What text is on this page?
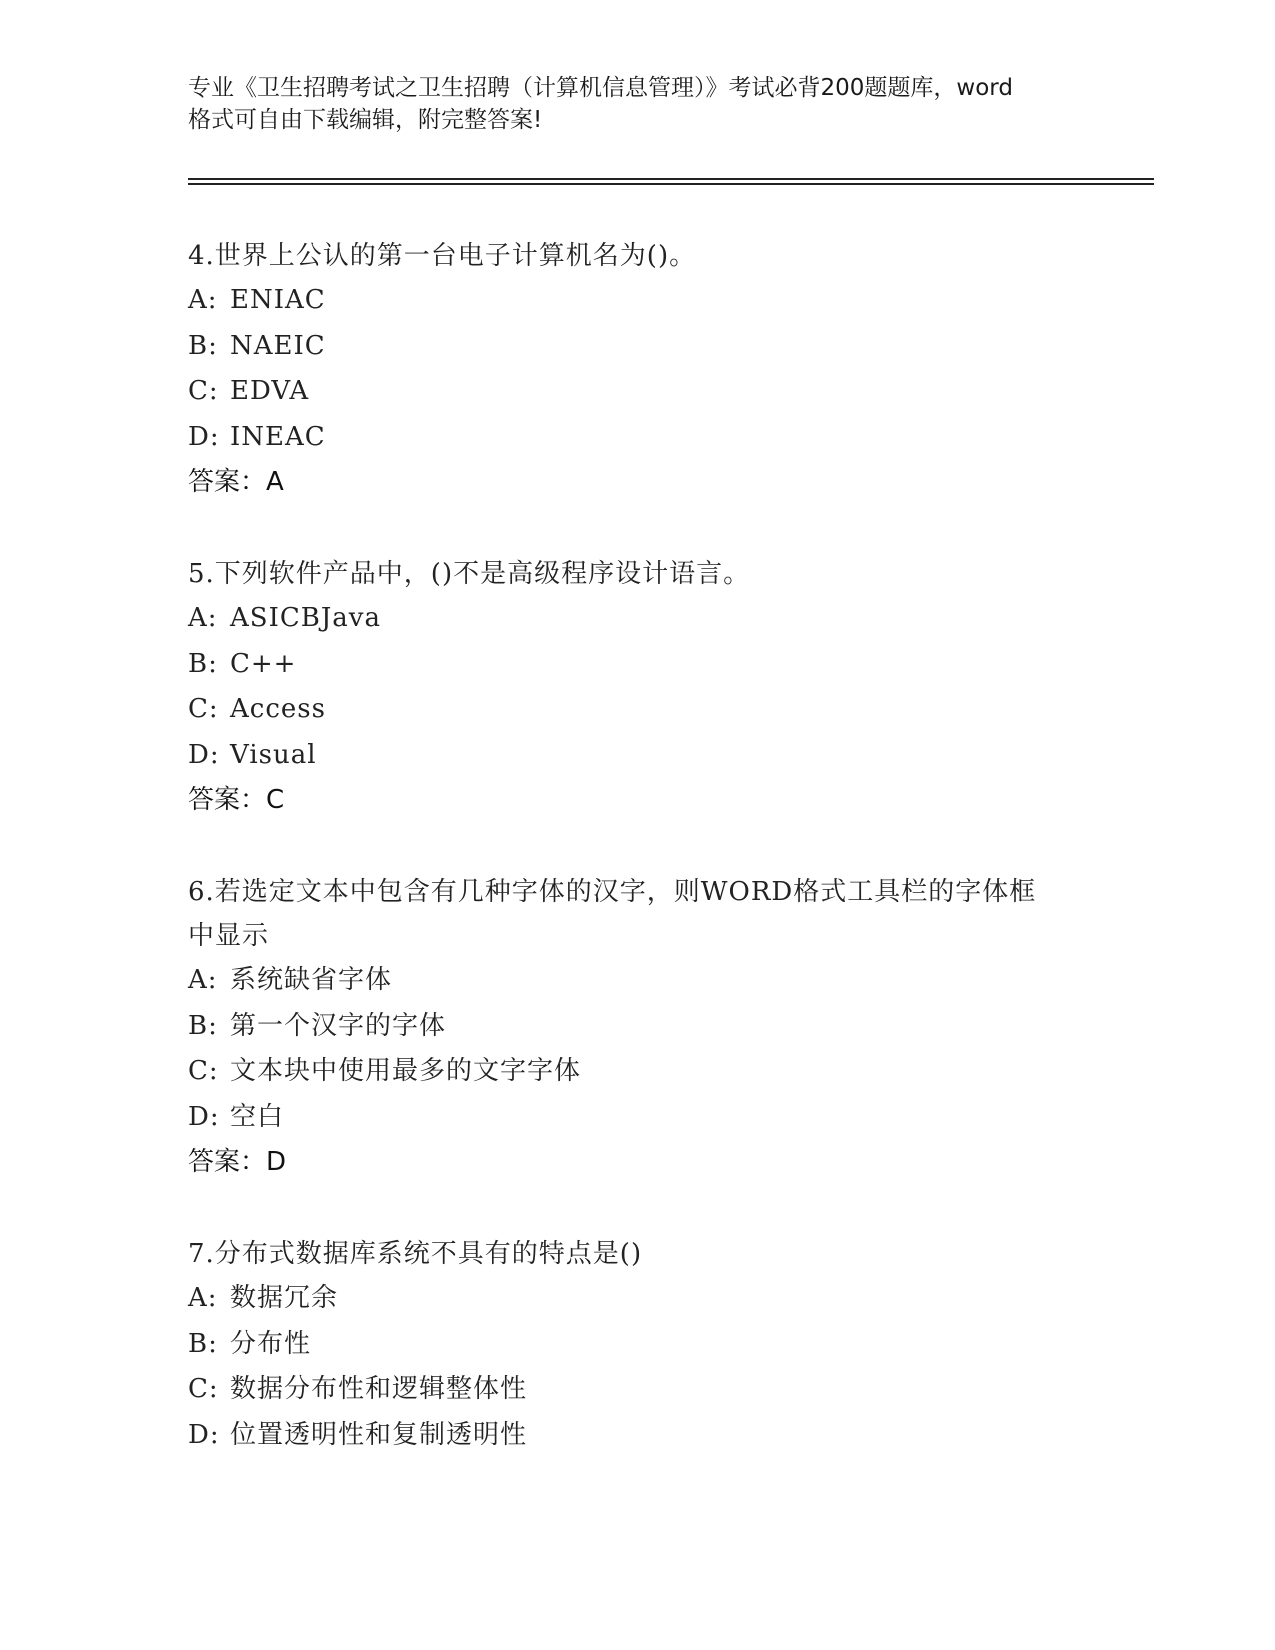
专业《卫生招聘考试之卫生招聘（计算机信息管理）》考试必背200题题库，word
格式可自由下载编辑，附完整答案!

4.世界上公认的第一台电子计算机名为()。

A: ENIAC
B: NAEIC
C: EDVA
D: INEAC
答案：A

5.下列软件产品中，()不是高级程序设计语言。

A: ASICBJava
B: C++
C: Access
D: Visual
答案：C

6.若选定文本中包含有几种字体的汉字，则WORD格式工具栏的字体框中显示

A: 系统缺省字体
B: 第一个汉字的字体
C: 文本块中使用最多的文字字体
D: 空白
答案：D

7.分布式数据库系统不具有的特点是()

A: 数据冗余
B: 分布性
C: 数据分布性和逻辑整体性
D: 位置透明性和复制透明性
